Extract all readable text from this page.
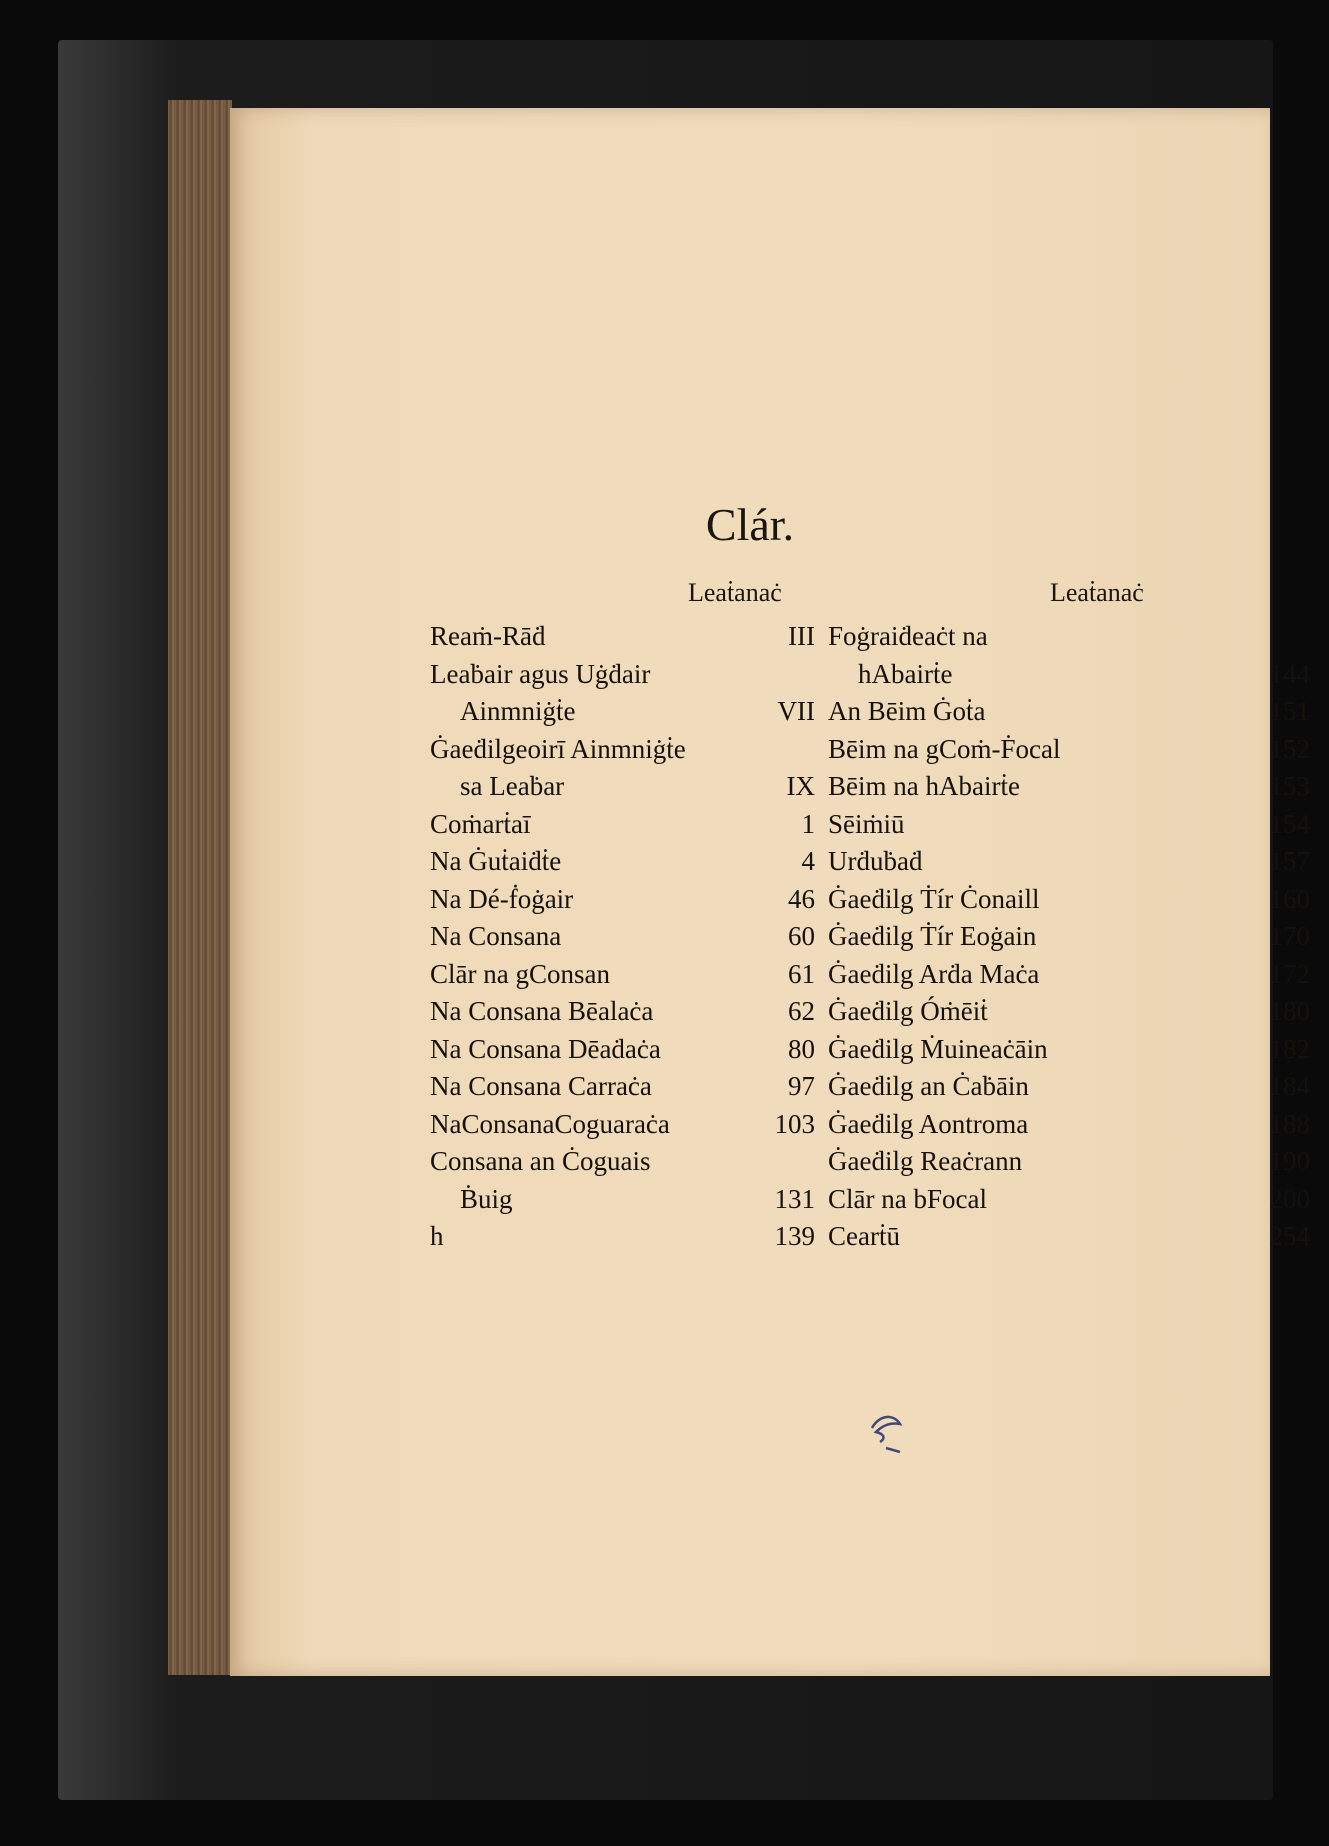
Clár.
Leaṫanaċ	Leaṫanaċ
Reaṁ-Rāḋ	III
Leaḃair agus Uġḋair
Ainmniġṫe	VII
Ġaeḋilgeoirī Ainmniġṫe
sa Leaḃar	IX
Coṁarṫaī	1
Na Ġuṫaiḋṫe	4
Na Dé-ḟoġair	46
Na Consana	60
Clār na gConsan	61
Na Consana Bēalaċa	62
Na Consana Dēaḋaċa	80
Na Consana Carraċa	97
NaConsanaCoguaraċa	103
Consana an Ċoguais
Ḃuig	131
h	139
Foġraiḋeaċt na
hAbairṫe	144
An Bēim Ġoṫa	151
Bēim na gCoṁ-Ḟocal	152
Bēim na hAbairṫe	153
Sēiṁiū	154
Urḋuḃaḋ	157
Ġaeḋilg Ṫír Ċonaill	160
Ġaeḋilg Ṫír Eoġain	170
Ġaeḋilg Arḋa Maċa	172
Ġaeḋilg Óṁēiṫ	180
Ġaeḋilg Ṁuineaċāin	182
Ġaeḋilg an Ċaḃāin	184
Ġaeḋilg Aontroma	188
Ġaeḋilg Reaċrann	190
Clār na bFocal	200
Cearṫū	254
